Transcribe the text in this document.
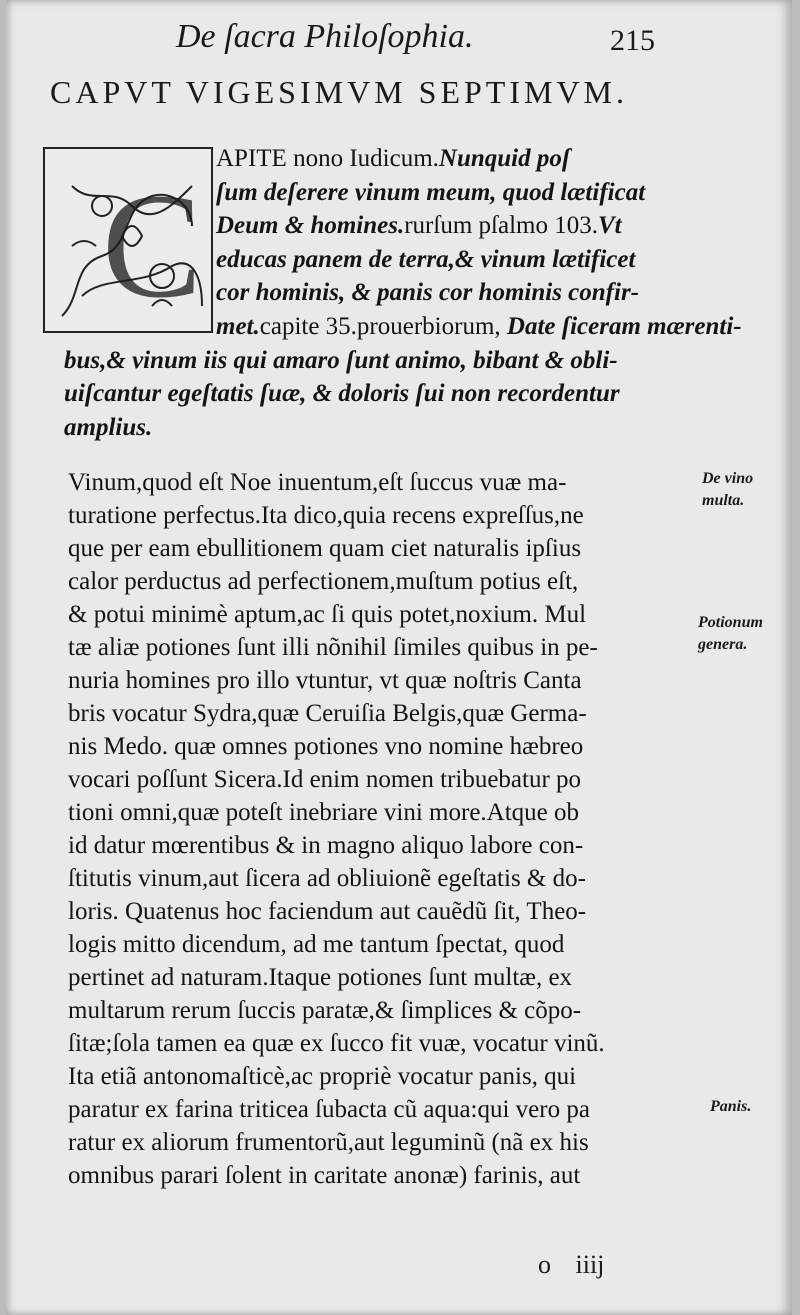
De ſacra Philoſophia.	215
CAPVT VIGESIMVM SEPTIMVM.
C
APITE nono Iudicum.Nunquid poſ
ſum deſerere vinum meum, quod lætificat
Deum & homines.rurſum pſalmo 103.Vt
educas panem de terra,& vinum lætificet
cor hominis, & panis cor hominis confir-
met.capite 35.prouerbiorum, Date ſiceram mærenti-
bus,& vinum iis qui amaro ſunt animo, bibant & obli-
uiſcantur egeſtatis ſuæ, & doloris ſui non recordentur
amplius.
Vinum,quod eſt Noe inuentum,eſt ſuccus vuæ ma-
turatione perfectus.Ita dico,quia recens expreſſus,ne
que per eam ebullitionem quam ciet naturalis ipſius
calor perductus ad perfectionem,muſtum potius eſt,
& potui minimè aptum,ac ſi quis potet,noxium. Mul
tæ aliæ potiones ſunt illi nõnihil ſimiles quibus in pe-
nuria homines pro illo vtuntur, vt quæ noſtris Canta
bris vocatur Sydra,quæ Ceruiſia Belgis,quæ Germa-
nis Medo. quæ omnes potiones vno nomine hæbreo
vocari poſſunt Sicera.Id enim nomen tribuebatur po
tioni omni,quæ poteſt inebriare vini more.Atque ob
id datur mœrentibus & in magno aliquo labore con-
ſtitutis vinum,aut ſicera ad obliuionẽ egeſtatis & do-
loris. Quatenus hoc faciendum aut cauẽdũ ſit, Theo-
logis mitto dicendum, ad me tantum ſpectat, quod
pertinet ad naturam.Itaque potiones ſunt multæ, ex
multarum rerum ſuccis paratæ,& ſimplices & cõpo-
ſitæ;ſola tamen ea quæ ex ſucco fit vuæ, vocatur vinũ.
Ita etiã antonomaſticè,ac propriè vocatur panis, qui
paratur ex farina triticea ſubacta cũ aqua:qui vero pa
ratur ex aliorum frumentorũ,aut leguminũ (nã ex his
omnibus parari ſolent in caritate anonæ) farinis, aut
De vino
multa.
Potionum
genera.
Panis.
o iiij
